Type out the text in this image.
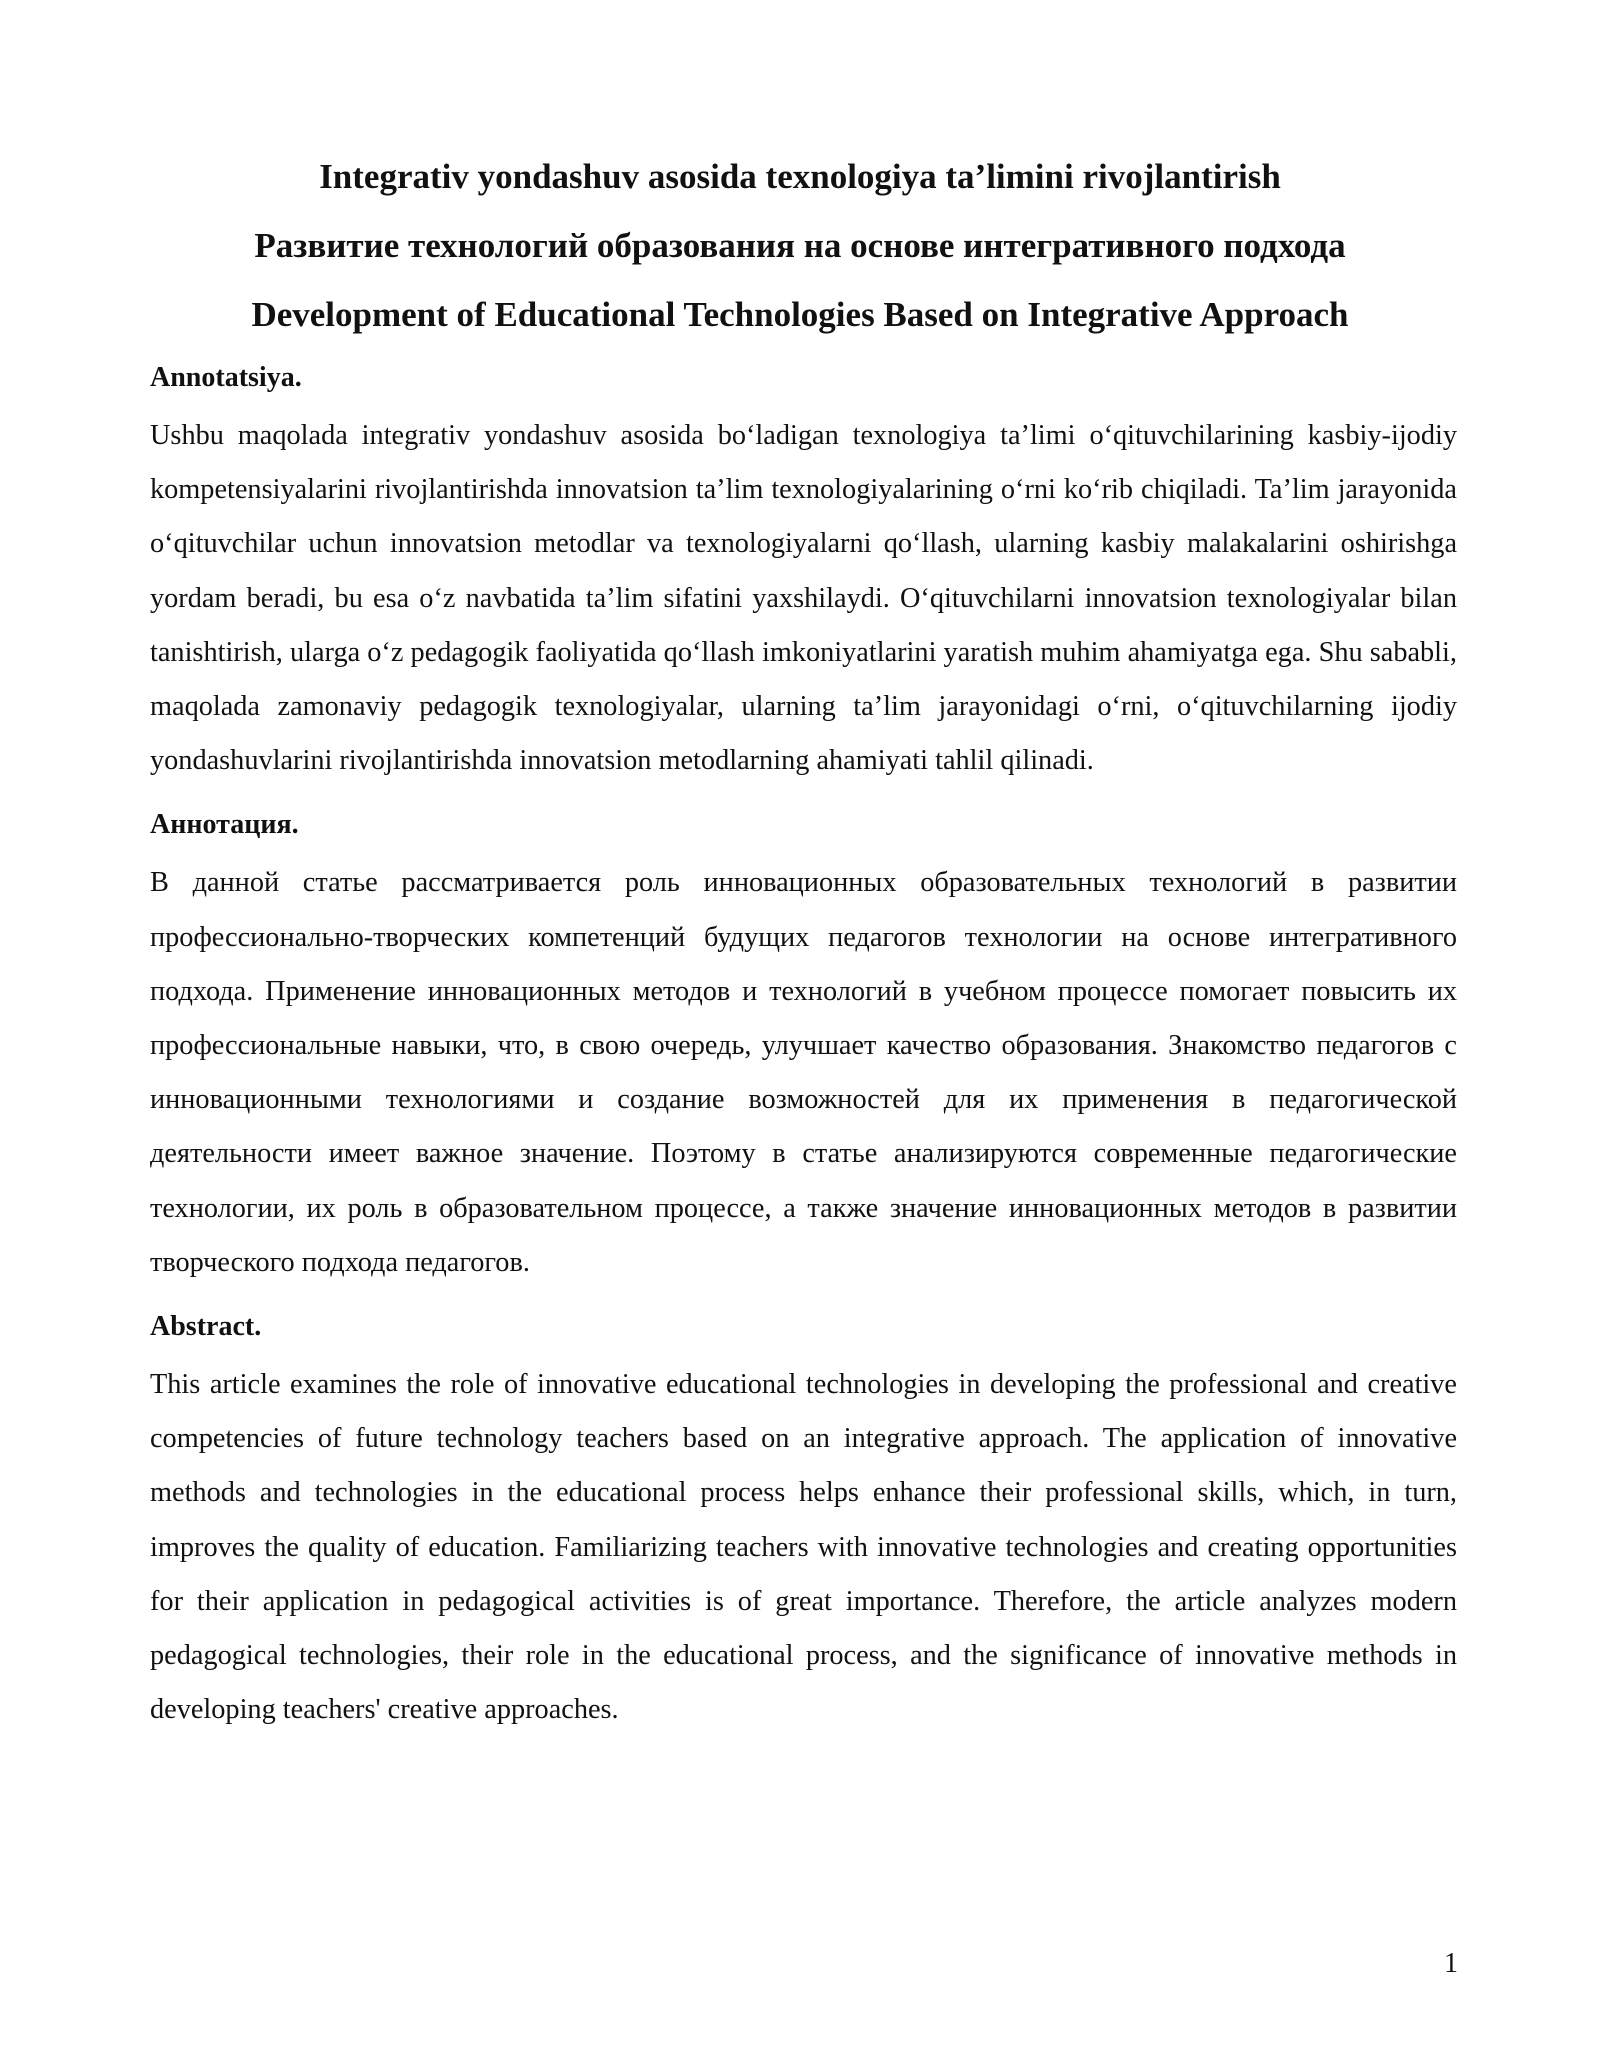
Integrativ yondashuv asosida texnologiya ta’limini rivojlantirish

Развитие технологий образования на основе интегративного подхода

Development of Educational Technologies Based on Integrative Approach

Annotatsiya.

Ushbu maqolada integrativ yondashuv asosida bo‘ladigan texnologiya ta’limi o‘qituvchilarining kasbiy-ijodiy kompetensiyalarini rivojlantirishda innovatsion ta’lim texnologiyalarining o‘rni ko‘rib chiqiladi. Ta’lim jarayonida o‘qituvchilar uchun innovatsion metodlar va texnologiyalarni qo‘llash, ularning kasbiy malakalarini oshirishga yordam beradi, bu esa o‘z navbatida ta’lim sifatini yaxshilaydi. O‘qituvchilarni innovatsion texnologiyalar bilan tanishtirish, ularga o‘z pedagogik faoliyatida qo‘llash imkoniyatlarini yaratish muhim ahamiyatga ega. Shu sababli, maqolada zamonaviy pedagogik texnologiyalar, ularning ta’lim jarayonidagi o‘rni, o‘qituvchilarning ijodiy yondashuvlarini rivojlantirishda innovatsion metodlarning ahamiyati tahlil qilinadi.

Аннотация.

В данной статье рассматривается роль инновационных образовательных технологий в развитии профессионально-творческих компетенций будущих педагогов технологии на основе интегративного подхода. Применение инновационных методов и технологий в учебном процессе помогает повысить их профессиональные навыки, что, в свою очередь, улучшает качество образования. Знакомство педагогов с инновационными технологиями и создание возможностей для их применения в педагогической деятельности имеет важное значение. Поэтому в статье анализируются современные педагогические технологии, их роль в образовательном процессе, а также значение инновационных методов в развитии творческого подхода педагогов.

Abstract.

This article examines the role of innovative educational technologies in developing the professional and creative competencies of future technology teachers based on an integrative approach. The application of innovative methods and technologies in the educational process helps enhance their professional skills, which, in turn, improves the quality of education. Familiarizing teachers with innovative technologies and creating opportunities for their application in pedagogical activities is of great importance. Therefore, the article analyzes modern pedagogical technologies, their role in the educational process, and the significance of innovative methods in developing teachers' creative approaches.

1
